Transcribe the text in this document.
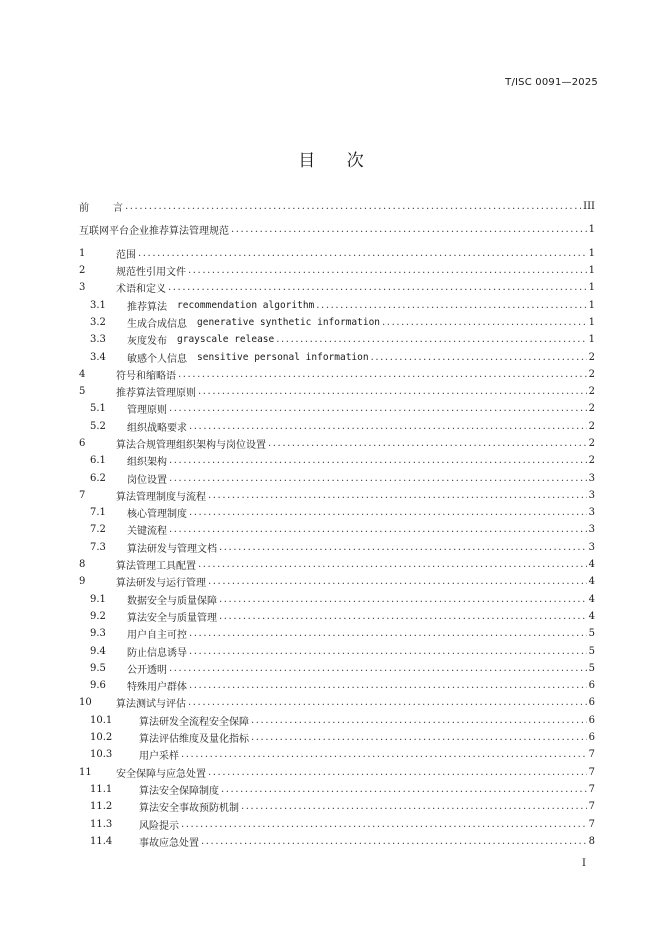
T/ISC 0091—2025
目 次
前 言 .....	III
互联网平台企业推荐算法管理规范 .....	1
1	范围 .....	1
2	规范性引用文件 .....	1
3	术语和定义 .....	1
3.1	推荐算法 recommendation algorithm .....	1
3.2	生成合成信息 generative synthetic information .....	1
3.3	灰度发布 grayscale release .....	1
3.4	敏感个人信息 sensitive personal information .....	2
4	符号和缩略语 .....	2
5	推荐算法管理原则 .....	2
5.1	管理原则 .....	2
5.2	组织战略要求 .....	2
6	算法合规管理组织架构与岗位设置 .....	2
6.1	组织架构 .....	2
6.2	岗位设置 .....	3
7	算法管理制度与流程 .....	3
7.1	核心管理制度 .....	3
7.2	关键流程 .....	3
7.3	算法研发与管理文档 .....	3
8	算法管理工具配置 .....	4
9	算法研发与运行管理 .....	4
9.1	数据安全与质量保障 .....	4
9.2	算法安全与质量管理 .....	4
9.3	用户自主可控 .....	5
9.4	防止信息诱导 .....	5
9.5	公开透明 .....	5
9.6	特殊用户群体 .....	6
10	算法测试与评估 .....	6
10.1	算法研发全流程安全保障 .....	6
10.2	算法评估维度及量化指标 .....	6
10.3	用户采样 .....	7
11	安全保障与应急处置 .....	7
11.1	算法安全保障制度 .....	7
11.2	算法安全事故预防机制 .....	7
11.3	风险提示 .....	7
11.4	事故应急处置 .....	8
I
